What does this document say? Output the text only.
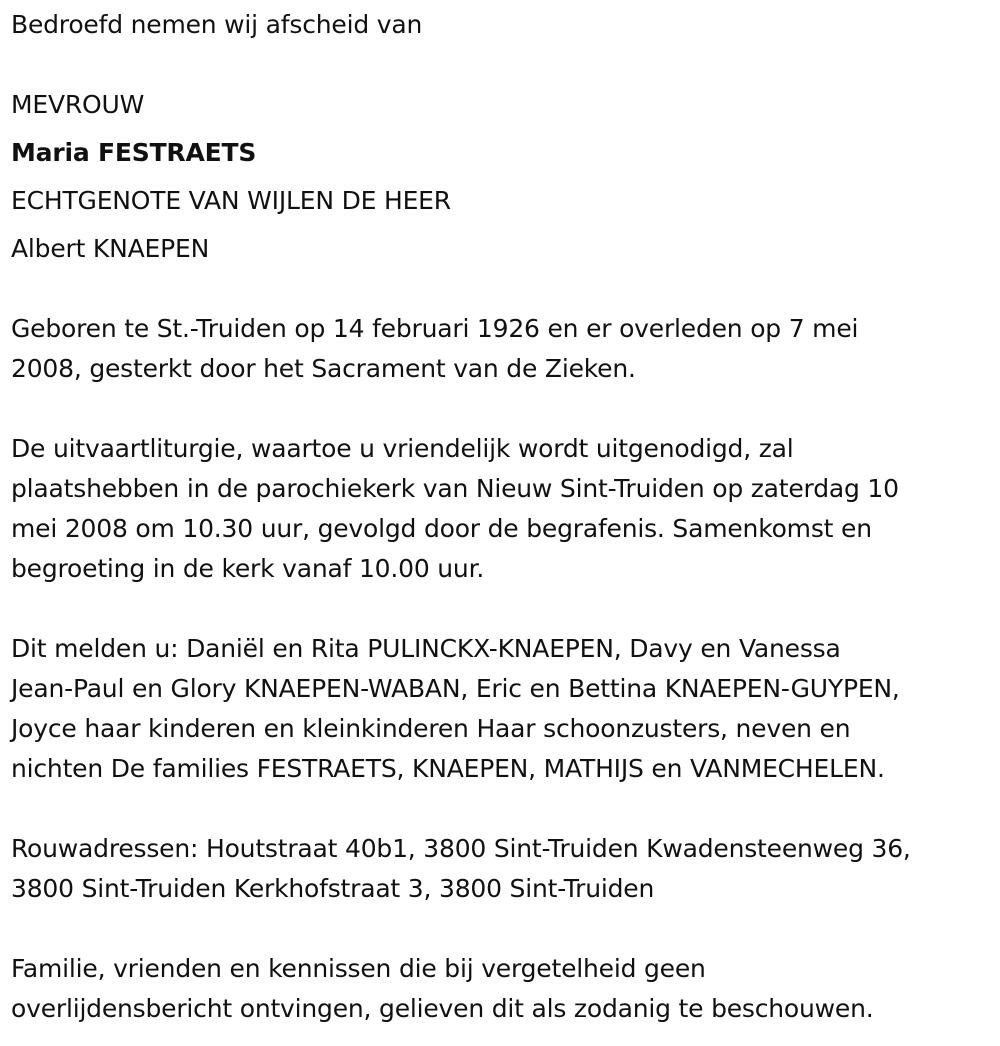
Bedroefd nemen wij afscheid van
MEVROUW
Maria FESTRAETS
ECHTGENOTE VAN WIJLEN DE HEER
Albert KNAEPEN
Geboren te St.-Truiden op 14 februari 1926 en er overleden op 7 mei
2008, gesterkt door het Sacrament van de Zieken.
De uitvaartliturgie, waartoe u vriendelijk wordt uitgenodigd, zal
plaatshebben in de parochiekerk van Nieuw Sint-Truiden op zaterdag 10
mei 2008 om 10.30 uur, gevolgd door de begrafenis. Samenkomst en
begroeting in de kerk vanaf 10.00 uur.
Dit melden u: Daniël en Rita PULINCKX-KNAEPEN, Davy en Vanessa
Jean-Paul en Glory KNAEPEN-WABAN, Eric en Bettina KNAEPEN-GUYPEN,
Joyce haar kinderen en kleinkinderen Haar schoonzusters, neven en
nichten De families FESTRAETS, KNAEPEN, MATHIJS en VANMECHELEN.
Rouwadressen: Houtstraat 40b1, 3800 Sint-Truiden Kwadensteenweg 36,
3800 Sint-Truiden Kerkhofstraat 3, 3800 Sint-Truiden
Familie, vrienden en kennissen die bij vergetelheid geen
overlijdensbericht ontvingen, gelieven dit als zodanig te beschouwen.
